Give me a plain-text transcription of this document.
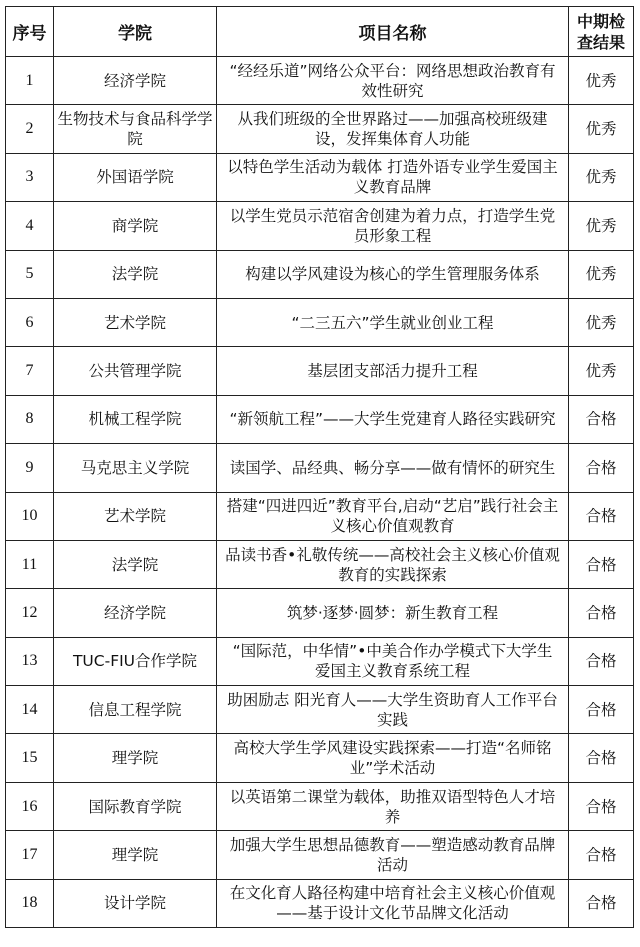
序号	学院	项目名称	中期检查结果
1	经济学院	“经经乐道”网络公众平台：网络思想政治教育有效性研究	优秀
2	生物技术与食品科学学院	从我们班级的全世界路过——加强高校班级建设，发挥集体育人功能	优秀
3	外国语学院	以特色学生活动为载体 打造外语专业学生爱国主义教育品牌	优秀
4	商学院	以学生党员示范宿舍创建为着力点，打造学生党员形象工程	优秀
5	法学院	构建以学风建设为核心的学生管理服务体系	优秀
6	艺术学院	“二三五六”学生就业创业工程	优秀
7	公共管理学院	基层团支部活力提升工程	优秀
8	机械工程学院	“新领航工程”——大学生党建育人路径实践研究	合格
9	马克思主义学院	读国学、品经典、畅分享——做有情怀的研究生	合格
10	艺术学院	搭建“四进四近”教育平台,启动“艺启”践行社会主义核心价值观教育	合格
11	法学院	品读书香•礼敬传统——高校社会主义核心价值观教育的实践探索	合格
12	经济学院	筑梦·逐梦·圆梦：新生教育工程	合格
13	TUC-FIU合作学院	“国际范，中华情”•中美合作办学模式下大学生爱国主义教育系统工程	合格
14	信息工程学院	助困励志 阳光育人——大学生资助育人工作平台实践	合格
15	理学院	高校大学生学风建设实践探索——打造“名师铭业”学术活动	合格
16	国际教育学院	以英语第二课堂为载体，助推双语型特色人才培养	合格
17	理学院	加强大学生思想品德教育——塑造感动教育品牌活动	合格
18	设计学院	在文化育人路径构建中培育社会主义核心价值观——基于设计文化节品牌文化活动	合格
